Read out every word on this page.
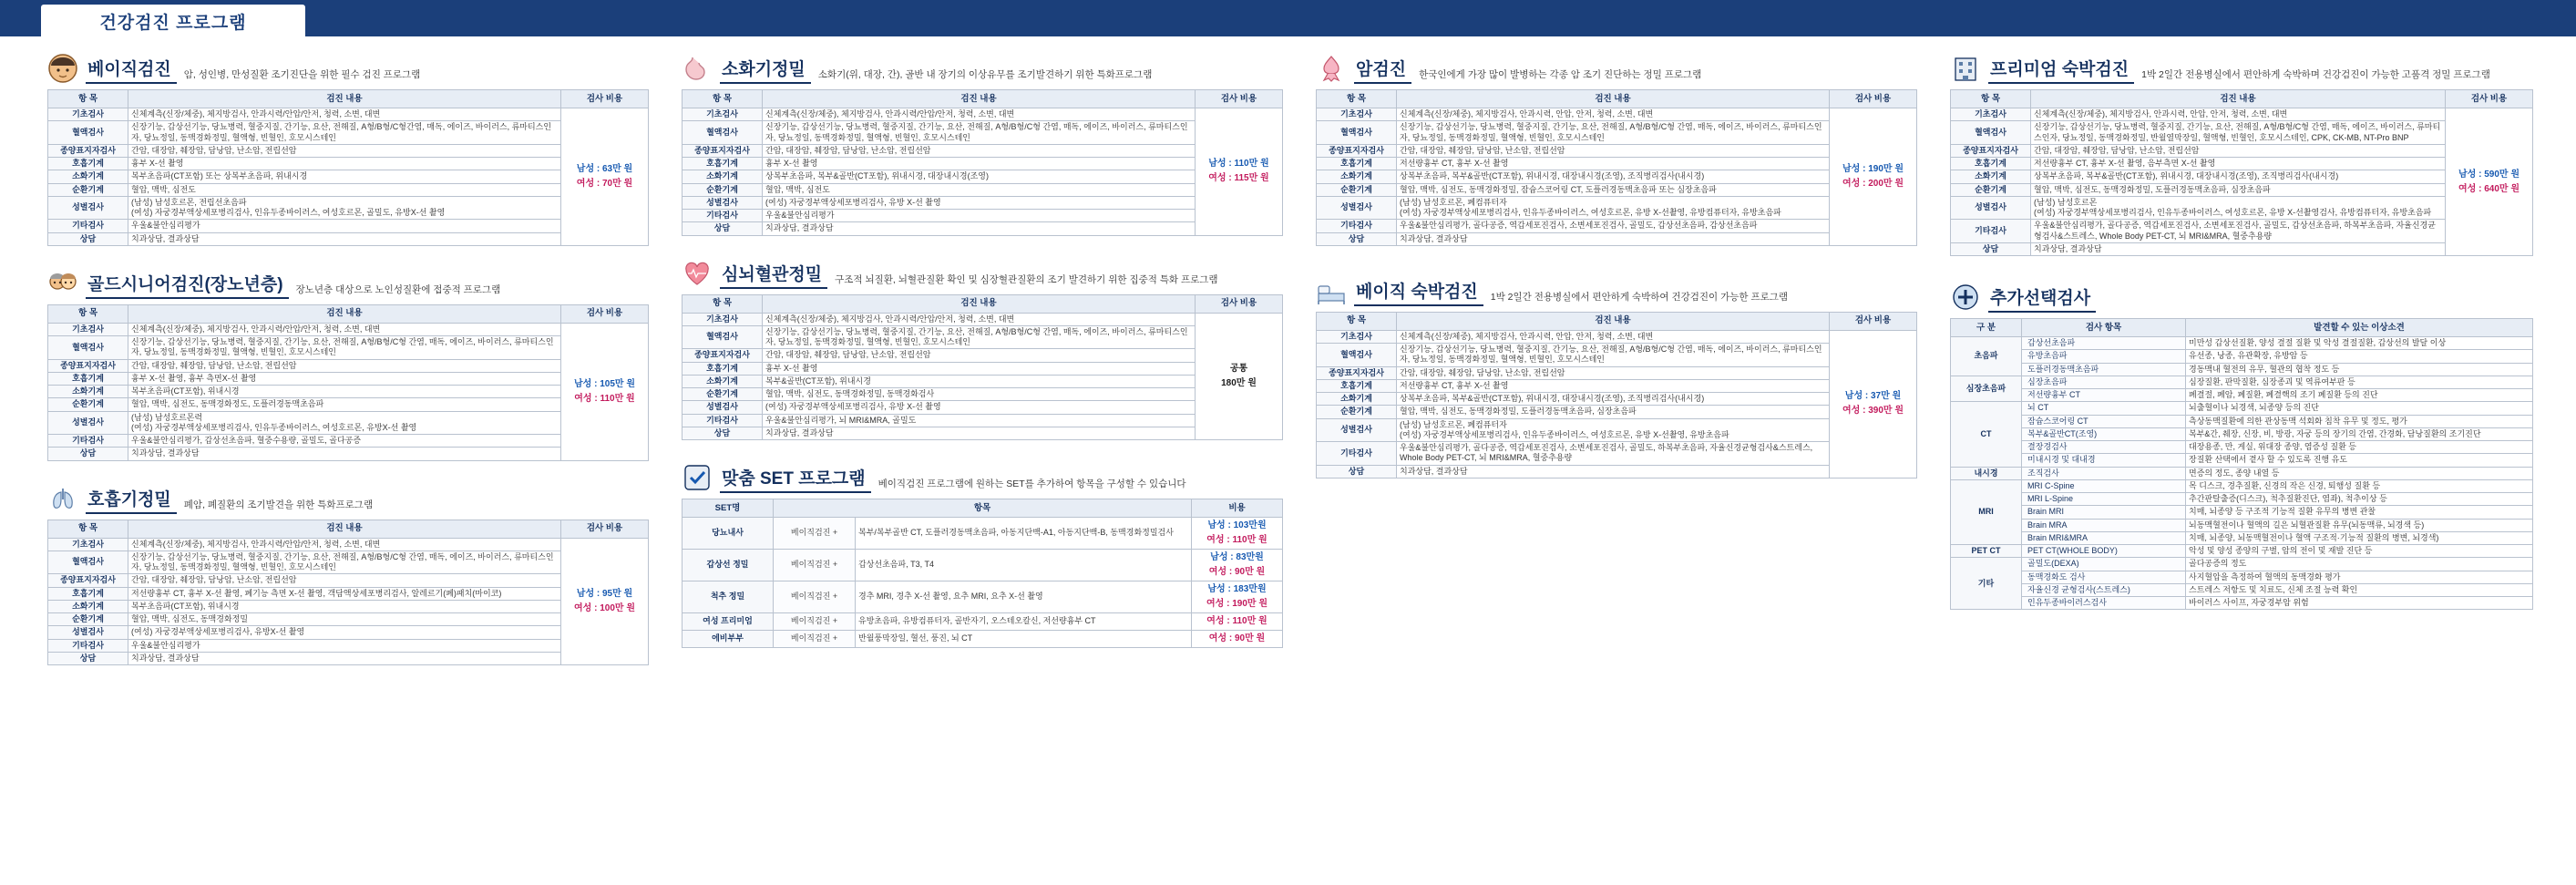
건강검진 프로그램
베이직검진	암, 성인병, 만성질환 조기진단을 위한 필수 검진 프로그램
항 목	검진 내용	검사 비용
기초검사	신체계측(신장/체중), 체지방검사, 안과시력/안압/안저, 청력, 소변, 대변	남성 : 63만 원
여성 : 70만 원

혈액검사	신장기능, 갑상선기능, 당뇨병력, 혈중지질, 간기능, 요산, 전해질, A형/B형/C형간염, 매독, 에이즈, 바이러스, 류마티스인자, 당뇨정일, 동맥경화정밀, 혈액형, 빈혈인, 호모시스테인	
종양표지자검사	간암, 대장암, 췌장암, 담낭암, 난소암, 전립선암	
호흡기계	흉부 X-선 촬영	
소화기계	복부초음파(CT포함) 또는 상복부초음파, 위내시경	
순환기계	혈압, 맥박, 심전도	
성별검사	(남성) 남성호르몬, 전립선초음파
(여성) 자궁경부액상세포병리검사, 인유두종바이러스, 여성호르몬, 골밀도, 유방X-선 촬영	
기타검사	우울&불안심리평가	
상담	치과상담, 결과상담	
골드시니어검진(장노년층)	장노년층 대상으로 노인성질환에 접중적 프로그램
항 목	검진 내용	검사 비용
기초검사	신체계측(신장/체중), 체지방검사, 안과시력/안압/안저, 청력, 소변, 대변	남성 : 105만 원
여성 : 110만 원

혈액검사	신장기능, 갑상선기능, 당뇨병력, 혈중지질, 간기능, 요산, 전해질, A형/B형/C형 간염, 매독, 에이즈, 바이러스, 류마티스인자, 당뇨정일, 동맥경화정밀, 혈액형, 빈혈인, 호모시스테인	
종양표지자검사	간암, 대장암, 췌장암, 담낭암, 난소암, 전립선암	
호흡기계	흉부 X-선 촬영, 흉부 측면X-선 촬영	
소화기계	복부초음파(CT포함), 위내시경	
순환기계	혈압, 맥박, 심전도, 동맥경화정도, 도플러경동맥초음파	
성별검사	(남성) 남성호르몬력
(여성) 자궁경부액상세포병리검사, 인유두종바이러스, 여성호르몬, 유방X-선 촬영	
기타검사	우울&불안심리평가, 갑상선초음파, 혈중수용량, 골밀도, 골다공증	
상담	치과상담, 결과상담	
호흡기정밀	폐암, 폐질환의 조기발견을 위한 특화프로그램
항 목	검진 내용	검사 비용
기초검사	신체계측(신장/체중), 체지방검사, 안과시력/안압/안저, 청력, 소변, 대변	남성 : 95만 원
여성 : 100만 원

혈액검사	신장기능, 갑상선기능, 당뇨병력, 혈중지질, 간기능, 요산, 전해질, A형/B형/C형 간염, 매독, 에이즈, 바이러스, 류마티스인자, 당뇨정일, 동맥경화정밀, 혈액형, 빈혈인, 호모시스테인	
종양표지자검사	간암, 대장암, 췌장암, 담낭암, 난소암, 전립선암	
호흡기계	저선량흉부 CT, 흉부 X-선 촬영, 폐기능 측면 X-선 촬영, 객담액상세포병리검사, 알레르기(폐)패치(마이코)	
소화기계	복부초음파(CT포함), 위내시경	
순환기계	혈압, 맥박, 심전도, 동맥경화정밀	
성별검사	(여성) 자궁경부액상세포병리검사, 유방X-선 촬영	
기타검사	우울&불안심리평가	
상담	치과상담, 결과상담	
소화기정밀	소화기(위, 대장, 간), 골반 내 장기의 이상유무를 조기발견하기 위한 특화프로그램
항 목	검진 내용	검사 비용
기초검사	신체계측(신장/체중), 체지방검사, 안과시력/안압/안저, 청력, 소변, 대변	남성 : 110만 원
여성 : 115만 원

혈액검사	신장기능, 갑상선기능, 당뇨병력, 혈중지질, 간기능, 요산, 전해질, A형/B형/C형 간염, 매독, 에이즈, 바이러스, 류마티스인자, 당뇨정일, 동맥경화정밀, 혈액형, 빈혈인, 호모시스테인	
종양표지자검사	간암, 대장암, 췌장암, 담낭암, 난소암, 전립선암	
호흡기계	흉부 X-선 촬영	
소화기계	상복부초음파, 복부&골반(CT포함), 위내시경, 대장내시경(조영)	
순환기계	혈압, 맥박, 심전도	
성별검사	(여성) 자궁경부액상세포병리검사, 유방 X-선 촬영	
기타검사	우울&불안심리평가	
상담	치과상담, 결과상담	
심뇌혈관정밀	구조적 뇌질환, 뇌혈관질환 확인 및 심장혈관질환의 조기 발견하기 위한 집중적 특화 프로그램
항 목	검진 내용	검사 비용
기초검사	신체계측(신장/체중), 체지방검사, 안과시력/안압/안저, 청력, 소변, 대변	공통
180만 원

혈액검사	신장기능, 갑상선기능, 당뇨병력, 혈중지질, 간기능, 요산, 전해질, A형/B형/C형 간염, 매독, 에이즈, 바이러스, 류마티스인자, 당뇨정일, 동맥경화정밀, 혈액형, 빈혈인, 호모시스테인	
종양표지자검사	간암, 대장암, 췌장암, 담낭암, 난소암, 전립선암	
호흡기계	흉부 X-선 촬영	
소화기계	복부&골반(CT포함), 위내시경	
순환기계	혈압, 맥박, 심전도, 동맥경화정밀, 동맥경화검사	
성별검사	(여성) 자궁경부액상세포병리검사, 유방 X-선 촬영	
기타검사	우울&불안심리평가, 뇌 MRI&MRA, 골밀도	
상담	치과상담, 결과상담	
맞춤 SET 프로그램	베이직검진 프로그램에 원하는 SET를 추가하여 항목을 구성할 수 있습니다
SET명	항목		비용
당뇨내사	베이직검진 +	복부/복부골반 CT, 도플러경동맥초음파, 아동지단백-A1, 아동지단백-B, 동맥경화정밀검사	남성 : 103만원
여성 : 110만 원

갑상선 정밀	베이직검진 +	갑상선초음파, T3, T4	남성 : 83만원
여성 : 90만 원

척추 정밀	베이직검진 +	경추 MRI, 경추 X-선 촬영, 요추 MRI, 요추 X-선 촬영	남성 : 183만원
여성 : 190만 원

여성 프리미엄	베이직검진 +	유방초음파, 유방컴퓨터자, 골반자기, 오스테오칼신, 저선량흉부 CT	여성 : 110만 원

에비부부	베이직검진 +	반월풍막장일, 혈선, 풍진, 뇌 CT	여성 : 90만 원
암검진	한국인에게 가장 많이 발병하는 각종 암 조기 진단하는 정밀 프로그램
항 목	검진 내용	검사 비용
기초검사	신체계측(신장/체중), 체지방검사, 안과시력, 안압, 안저, 청력, 소변, 대변	남성 : 190만 원
여성 : 200만 원

혈액검사	신장기능, 갑상선기능, 당뇨병력, 혈중지질, 간기능, 요산, 전해질, A형/B형/C형 간염, 매독, 에이즈, 바이러스, 류마티스인자, 당뇨정일, 동맥경화정밀, 혈액형, 빈혈인, 호모시스테인	
종양표지자검사	간암, 대장암, 췌장암, 담낭암, 난소암, 전립선암	
호흡기계	저선량흉부 CT, 흉부 X-선 촬영	
소화기계	상복부초음파, 복부&골반(CT포함), 위내시경, 대장내시경(조영), 조직병리검사(내시경)	
순환기계	혈압, 맥박, 심전도, 동맥경화정밀, 잠슘스코어링 CT, 도플러경동맥초음파 또는 심장초음파	
성별검사	(남성) 남성호르몬, 폐컴퓨터자
(여성) 자궁경부액상세포병리검사, 인유두종바이러스, 여성호르몬, 유방 X-선촬영, 유방컴퓨터자, 유방초음파	
기타검사	우울&불안심리평가, 골다공증, 역갑세포진검사, 소변세포진검사, 골밀도, 갑상선초음파, 감상선초음파	
상담	치과상담, 결과상담	
베이직 숙박검진	1박 2일간 전용병실에서 편안하게 숙박하여 건강검진이 가능한 프로그램
항 목	검진 내용	검사 비용
기초검사	신체계측(신장/체중), 체지방검사, 안과시력, 안압, 안저, 청력, 소변, 대변	남성 : 37만 원
여성 : 390만 원

혈액검사	신장기능, 갑상선기능, 당뇨병력, 혈중지질, 간기능, 요산, 전해질, A형/B형/C형 간염, 매독, 에이즈, 바이러스, 류마티스인자, 당뇨정일, 동맥경화정밀, 혈액형, 빈혈인, 호모시스테인	
종양표지자검사	간암, 대장암, 췌장암, 담낭암, 난소암, 전립선암	
호흡기계	저선량흉부 CT, 흉부 X-선 촬영	
소화기계	상복부초음파, 복부&골반(CT포함), 위내시경, 대장내시경(조영), 조직병리검사(내시경)	
순환기계	혈압, 맥박, 심전도, 동맥경화정밀, 도플러경동맥초음파, 심장초음파	
성별검사	(남성) 남성호르몬, 폐컴퓨터자
(여성) 자궁경부액상세포병리검사, 인유두종바이러스, 여성호르몬, 유방 X-선촬영, 유방초음파	
기타검사	우울&불안심리평가, 골다공증, 역갑세포진검사, 소변세포진검사, 골밀도, 하복부초음파, 자율신경균형검사&스트레스, Whole Body PET-CT, 뇌 MRI&MRA, 혈중추용량	
상담	치과상담, 결과상담	
프리미엄 숙박검진	1박 2일간 전용병실에서 편안하게 숙박하며 건강검진이 가능한 고품격 정밀 프로그램
항 목	검진 내용	검사 비용
기초검사	신체계측(신장/체중), 체지방검사, 안과시력, 안압, 안저, 청력, 소변, 대변	남성 : 590만 원
여성 : 640만 원

혈액검사	신장기능, 갑상선기능, 당뇨병력, 혈중지질, 간기능, 요산, 전해질, A형/B형/C형 간염, 매독, 에이즈, 바이러스, 류마티스인자, 당뇨정일, 동맥경화정밀, 반월열막장일, 혈액형, 빈혈인, 호모시스테인, CPK, CK-MB, NT-Pro BNP	
종양표지자검사	간암, 대장암, 췌장암, 담낭암, 난소암, 전립선암	
호흡기계	저선량흉부 CT, 흉부 X-선 촬영, 음부측면 X-선 촬영	
소화기계	상복부초음파, 복부&골반(CT포함), 위내시경, 대장내시경(조영), 조직병리검사(내시경)	
순환기계	혈압, 맥박, 심전도, 동맥경화정밀, 도플러경동맥초음파, 심장초음파	
성별검사	(남성) 남성호르몬
(여성) 자궁경부액상세포병리검사, 인유두종바이러스, 여성호르몬, 유방 X-선촬영검사, 유방컴퓨터자, 유방초음파	
기타검사	우울&불안심리평가, 골다공증, 역갑세포진검사, 소변세포진검사, 골밀도, 갑상선초음파, 하복부초음파, 자율신경균형검사&스트레스, Whole Body PET-CT, 뇌 MRI&MRA, 혈중추용량	
상담	치과상담, 결과상담	
추가선택검사
구 분	검사 항목	발견할 수 있는 이상소견
초음파	갑상선초음파	미만성 갑상선질환, 양성 결절 질환 및 악성 결절질환, 갑상선의 발달 이상
	유방초음파	유선종, 낭종, 유관확장, 유방암 등
	도플러경동맥초음파	경동맥내 혈전의 유무, 혈관의 협착 정도 등
심장초음파	심장초음파	심장질환, 판막질환, 심장종괴 및 역류여부판 등
	저선량흉부 CT	폐결절, 폐암, 폐질환, 폐결핵의 조기 폐질환 등의 진단
CT	뇌 CT	뇌출혈이나 뇌경색, 뇌종양 등의 진단
	잠슘스코어링 CT	측상동맥질환에 의한 관상동맥 석회화 침착 유무 및 정도, 평가
	복부&골반CT(조영)	복부&간, 췌장, 신장, 비, 방광, 자궁 등의 장기의 간염, 간경화, 담낭질환의 조기진단
	결장경검사	대장용종, 만, 게실, 위대장 종양, 염증성 질환 등
	미내시경 및 대내경	장질환 산택에서 곁사 할 수 있도록 진행 유도
내시경	조직검사	면증의 정도, 종양 내열 등
MRI	MRI C-Spine	목 디스크, 경추질환, 신경의 작은 신경, 퇴행성 질환 등
	MRI L-Spine	추간판탈출증(디스크), 척추질환진단, 염좌), 척추이상 등
	Brain MRI	치매, 뇌종양 등 구조적 기능적 질환 유무의 병변 관찰
	Brain MRA	뇌동맥혈전이나 혈액의 길은 뇌혈관질환 유무(뇌동맥류, 뇌경색 등)
	Brain MRI&MRA	치매, 뇌종양, 뇌동맥혈전이나 혈액 구조적·기능적 질환의 병변, 뇌경색)
PET CT	PET CT(WHOLE BODY)	악성 및 양성 종양의 구별, 암의 전이 및 재발 진단 등
기타	골밀도(DEXA)	골다공증의 정도
	동맥경화도 검사	사지혈압을 측정하여 혈액의 동맥경화 평가
	자율신경 균형검사(스트레스)	스트레스 저항도 및 치료도, 신체 조절 능력 확인
	인유두종바이러스검사	바이러스 사이프, 자궁경부암 위험
